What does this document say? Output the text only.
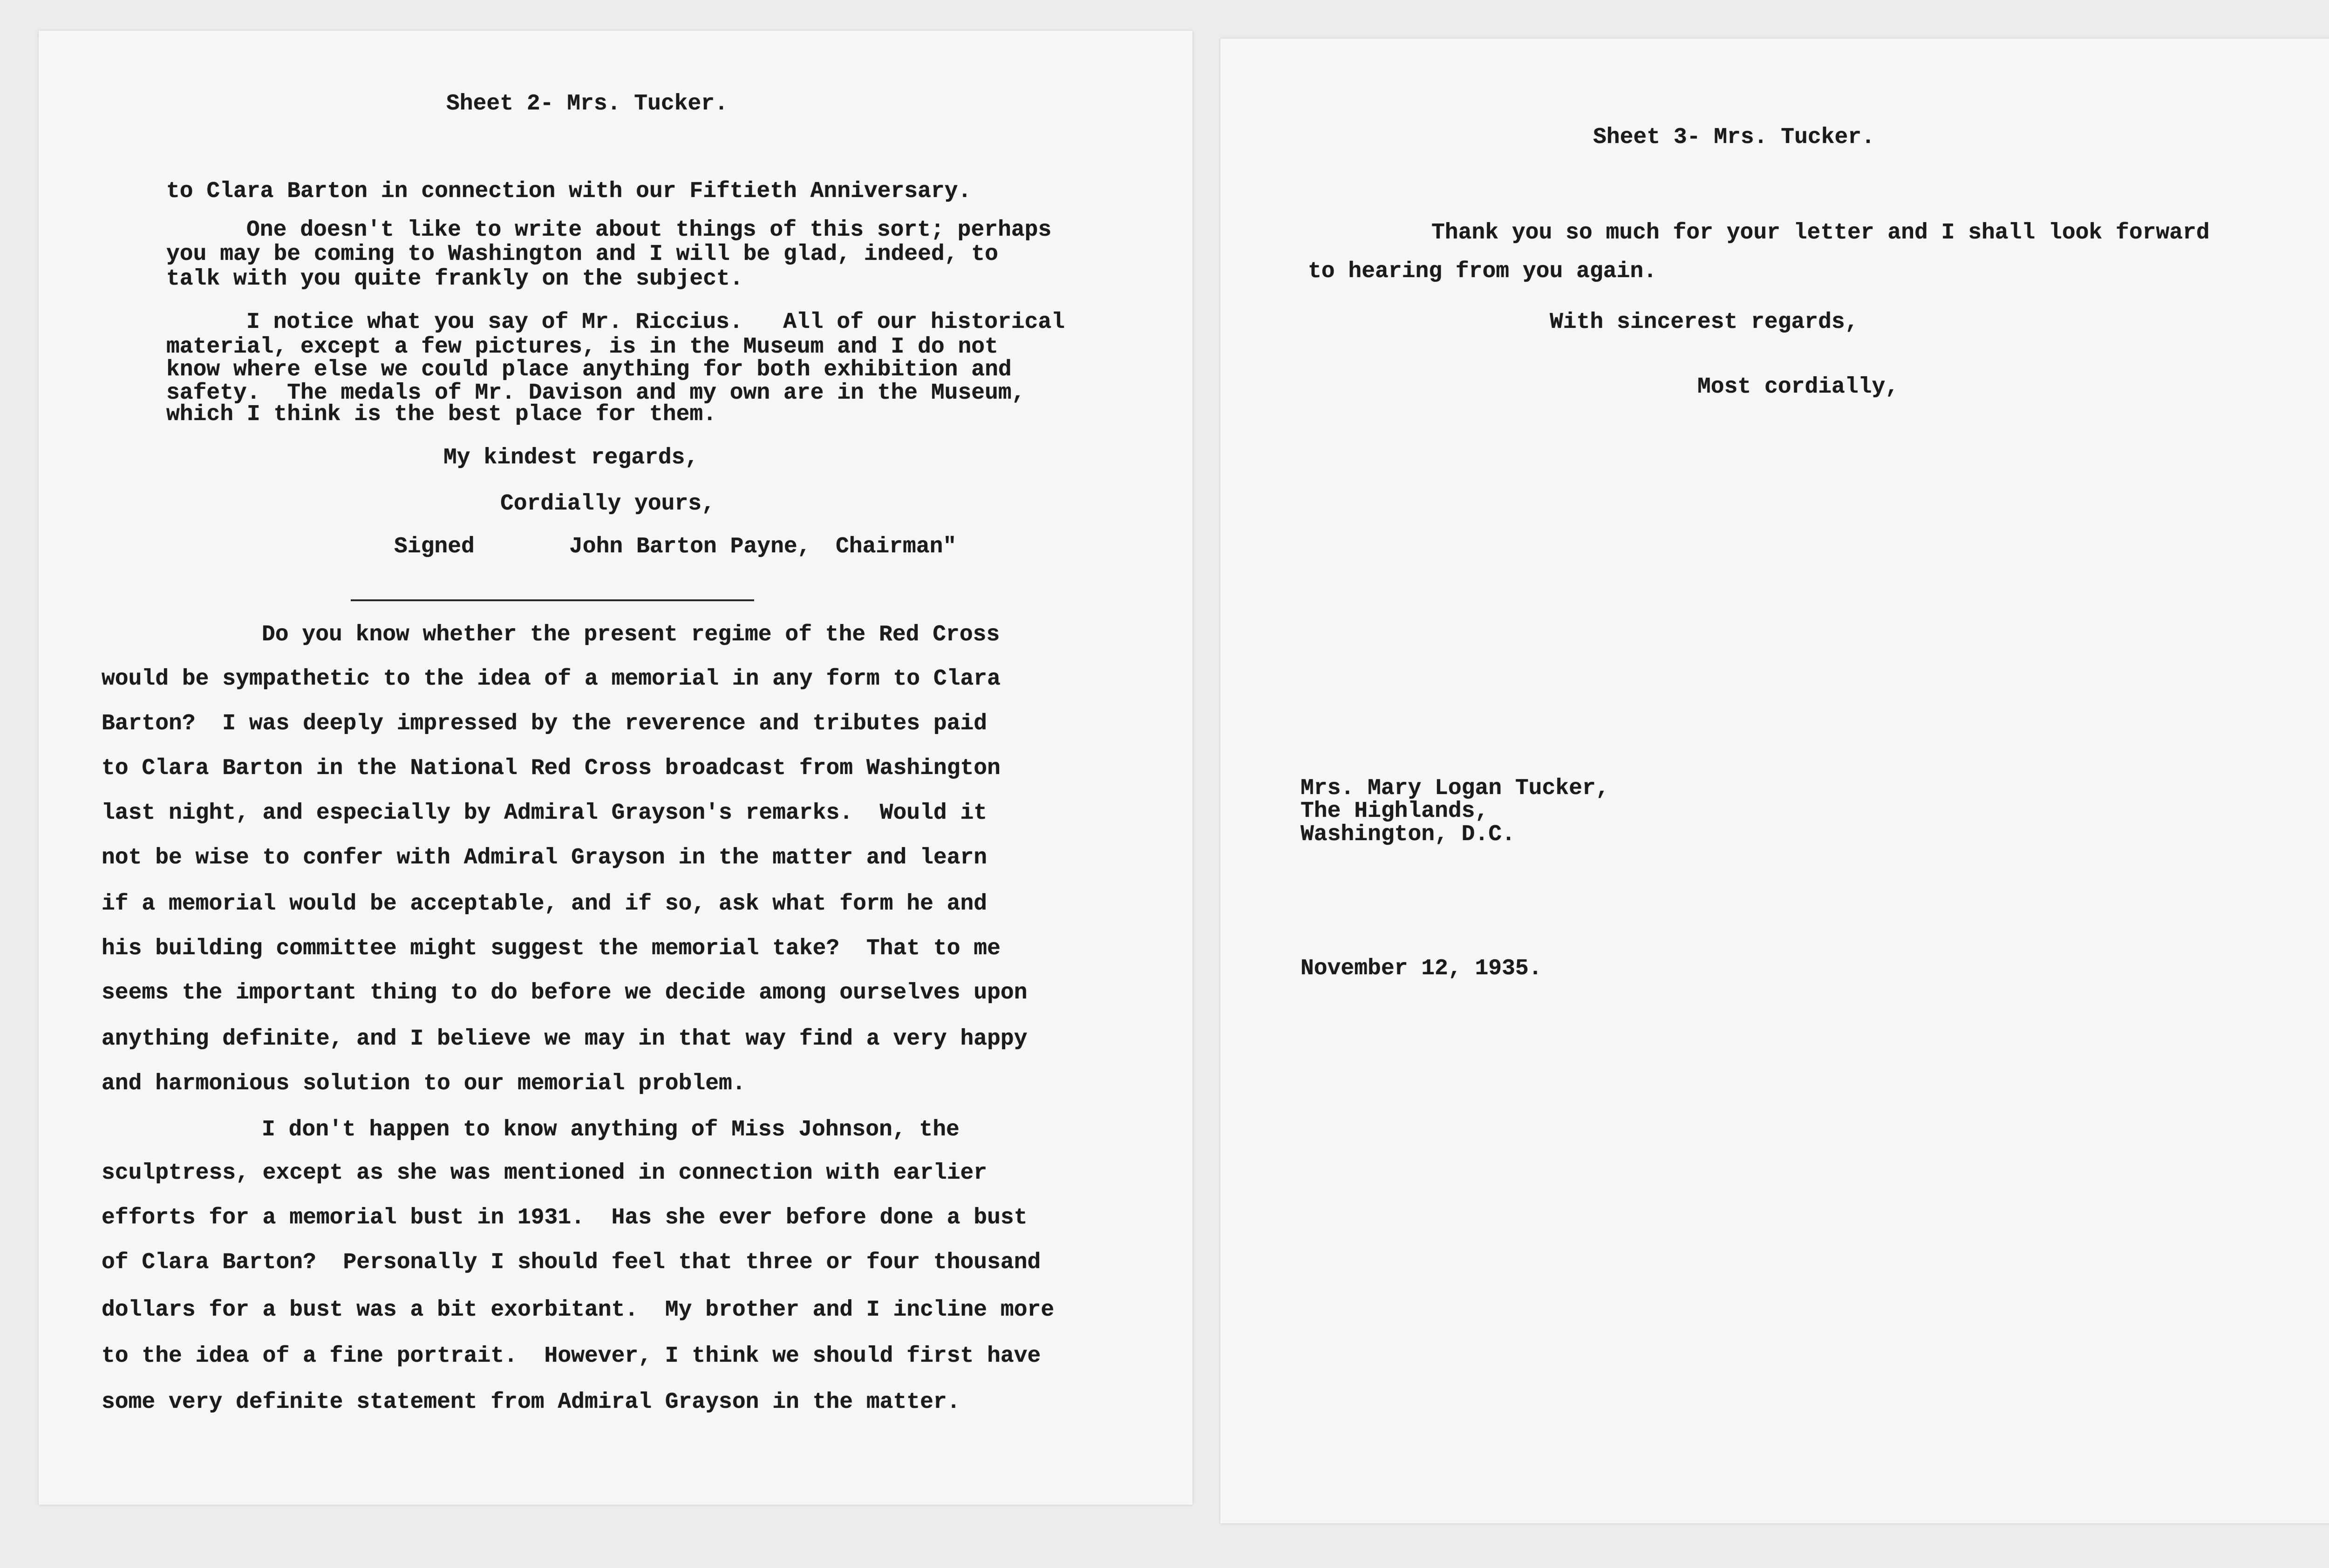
Sheet 2- Mrs. Tucker.
to Clara Barton in connection with our Fiftieth Anniversary.
One doesn't like to write about things of this sort; perhaps
you may be coming to Washington and I will be glad, indeed, to
talk with you quite frankly on the subject.
I notice what you say of Mr. Riccius.   All of our historical
material, except a few pictures, is in the Museum and I do not
know where else we could place anything for both exhibition and
safety.  The medals of Mr. Davison and my own are in the Museum,
which I think is the best place for them.
My kindest regards,
Cordially yours,
Signed	John Barton Payne, Chairman"
Do you know whether the present regime of the Red Cross
would be sympathetic to the idea of a memorial in any form to Clara
Barton?  I was deeply impressed by the reverence and tributes paid
to Clara Barton in the National Red Cross broadcast from Washington
last night, and especially by Admiral Grayson's remarks.  Would it
not be wise to confer with Admiral Grayson in the matter and learn
if a memorial would be acceptable, and if so, ask what form he and
his building committee might suggest the memorial take?  That to me
seems the important thing to do before we decide among ourselves upon
anything definite, and I believe we may in that way find a very happy
and harmonious solution to our memorial problem.
I don't happen to know anything of Miss Johnson, the
sculptress, except as she was mentioned in connection with earlier
efforts for a memorial bust in 1931.  Has she ever before done a bust
of Clara Barton?  Personally I should feel that three or four thousand
dollars for a bust was a bit exorbitant.  My brother and I incline more
to the idea of a fine portrait.  However, I think we should first have
some very definite statement from Admiral Grayson in the matter.
Sheet 3- Mrs. Tucker.
Thank you so much for your letter and I shall look forward
to hearing from you again.
With sincerest regards,
Most cordially,
Mrs. Mary Logan Tucker,
The Highlands,
Washington, D.C.
November 12, 1935.
